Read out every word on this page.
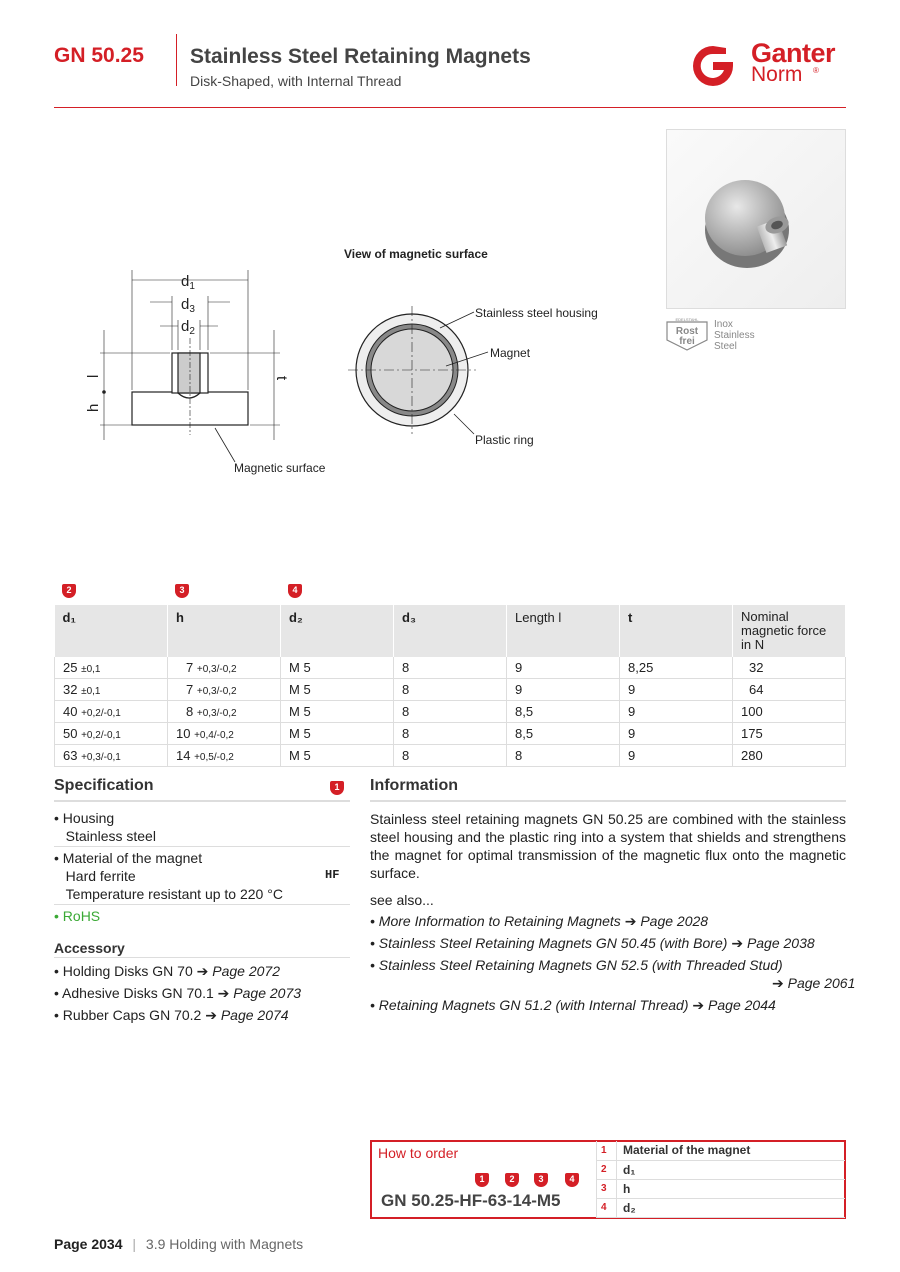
GN 50.25 Stainless Steel Retaining Magnets
Disk-Shaped, with Internal Thread
Ganter
Norm ®
EDELSTAHL
Rost
frei
Inox
Stainless
Steel
View of magnetic surface
$d_1$
$d_3$
$d_2$
l
h
t
Magnetic surface
Stainless steel housing
Magnet
Plastic ring
2	3	4
d₁	h	d₂	d₃	Length l	t	Nominal magnetic force in N
25 ±0,1	7 +0,3/-0,2	M 5	8	9	8,25	32
32 ±0,1	7 +0,3/-0,2	M 5	8	9	9	64
40 +0,2/-0,1	8 +0,3/-0,2	M 5	8	8,5	9	100
50 +0,2/-0,1	10 +0,4/-0,2	M 5	8	8,5	9	175
63 +0,3/-0,1	14 +0,5/-0,2	M 5	8	8	9	280
Specification	1
• Housing
Stainless steel
• Material of the magnet
Hard ferrite
Temperature resistant up to 220 °C
HF
• RoHS
Accessory
• Holding Disks GN 70 ➔ Page 2072
• Adhesive Disks GN 70.1 ➔ Page 2073
• Rubber Caps GN 70.2 ➔ Page 2074
Information
Stainless steel retaining magnets GN 50.25 are combined with the stainless steel housing and the plastic ring into a system that shields and strengthens the magnet for optimal transmission of the magnetic flux onto the magnetic surface.
see also...
• More Information to Retaining Magnets ➔ Page 2028
• Stainless Steel Retaining Magnets GN 50.45 (with Bore) ➔ Page 2038
• Stainless Steel Retaining Magnets GN 52.5 (with Threaded Stud)
➔ Page 2061
• Retaining Magnets GN 51.2 (with Internal Thread) ➔ Page 2044
How to order
1	2	3	4
GN 50.25-HF-63-14-M5
1	Material of the magnet
2	d₁
3	h
4	d₂
Page 2034 | 3.9 Holding with Magnets
